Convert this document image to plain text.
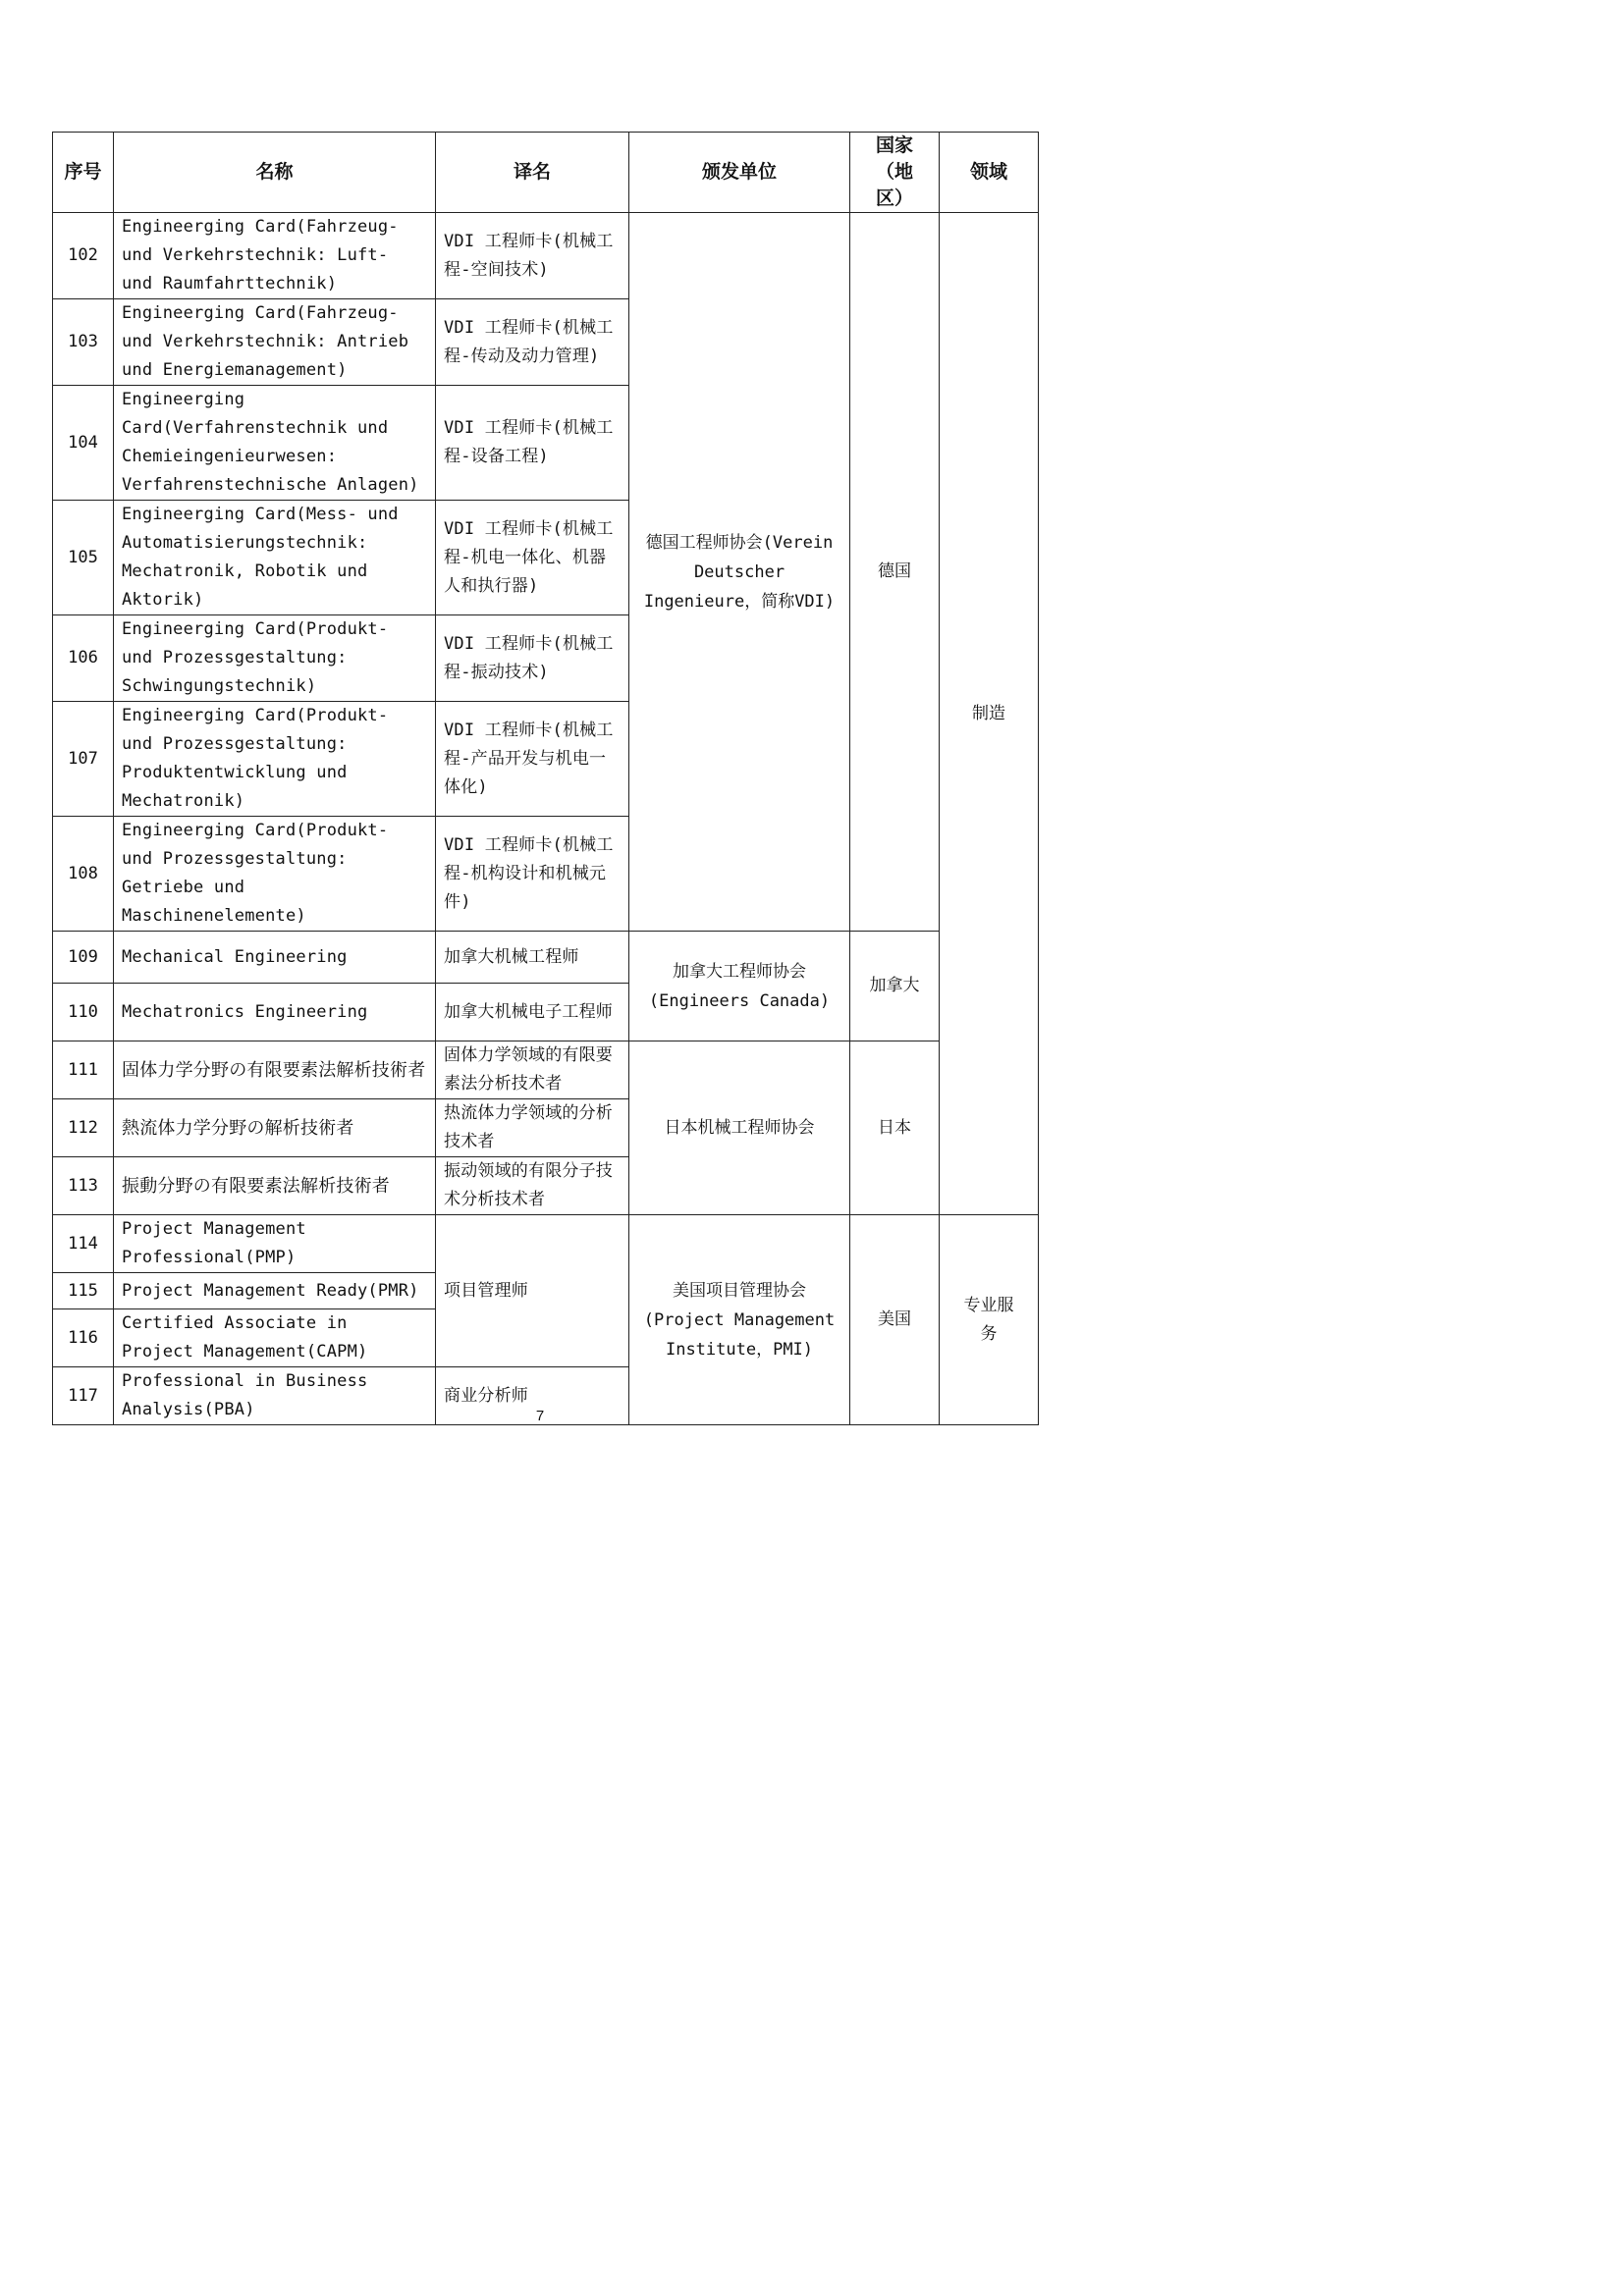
序号	名称	译名	颁发单位	国家（地区）	领域
102	Engineerging Card(Fahrzeug- und Verkehrstechnik: Luft- und Raumfahrttechnik)	VDI 工程师卡(机械工程-空间技术)	德国工程师协会(Verein Deutscher Ingenieure，简称VDI)	德国	制造
103	Engineerging Card(Fahrzeug- und Verkehrstechnik: Antrieb und Energiemanagement)	VDI 工程师卡(机械工程-传动及动力管理)			
104	Engineerging Card(Verfahrenstechnik und Chemieingenieurwesen: Verfahrenstechnische Anlagen)	VDI 工程师卡(机械工程-设备工程)			
105	Engineerging Card(Mess- und Automatisierungstechnik: Mechatronik, Robotik und Aktorik)	VDI 工程师卡(机械工程-机电一体化、机器人和执行器)			
106	Engineerging Card(Produkt- und Prozessgestaltung: Schwingungstechnik)	VDI 工程师卡(机械工程-振动技术)			
107	Engineerging Card(Produkt- und Prozessgestaltung: Produktentwicklung und Mechatronik)	VDI 工程师卡(机械工程-产品开发与机电一体化)			
108	Engineerging Card(Produkt- und Prozessgestaltung: Getriebe und Maschinenelemente)	VDI 工程师卡(机械工程-机构设计和机械元件)			
109	Mechanical Engineering	加拿大机械工程师	加拿大工程师协会(Engineers Canada)	加拿大	
110	Mechatronics Engineering	加拿大机械电子工程师			
111	固体力学分野の有限要素法解析技術者	固体力学领域的有限要素法分析技术者	日本机械工程师协会	日本	
112	熱流体力学分野の解析技術者	热流体力学领域的分析技术者			
113	振動分野の有限要素法解析技術者	振动领域的有限分子技术分析技术者			
114	Project Management Professional(PMP)	项目管理师	美国项目管理协会(Project Management Institute，PMI)	美国	专业服务
115	Project Management Ready(PMR)				
116	Certified Associate in Project Management(CAPM)				
117	Professional in Business Analysis(PBA)	商业分析师			
7
